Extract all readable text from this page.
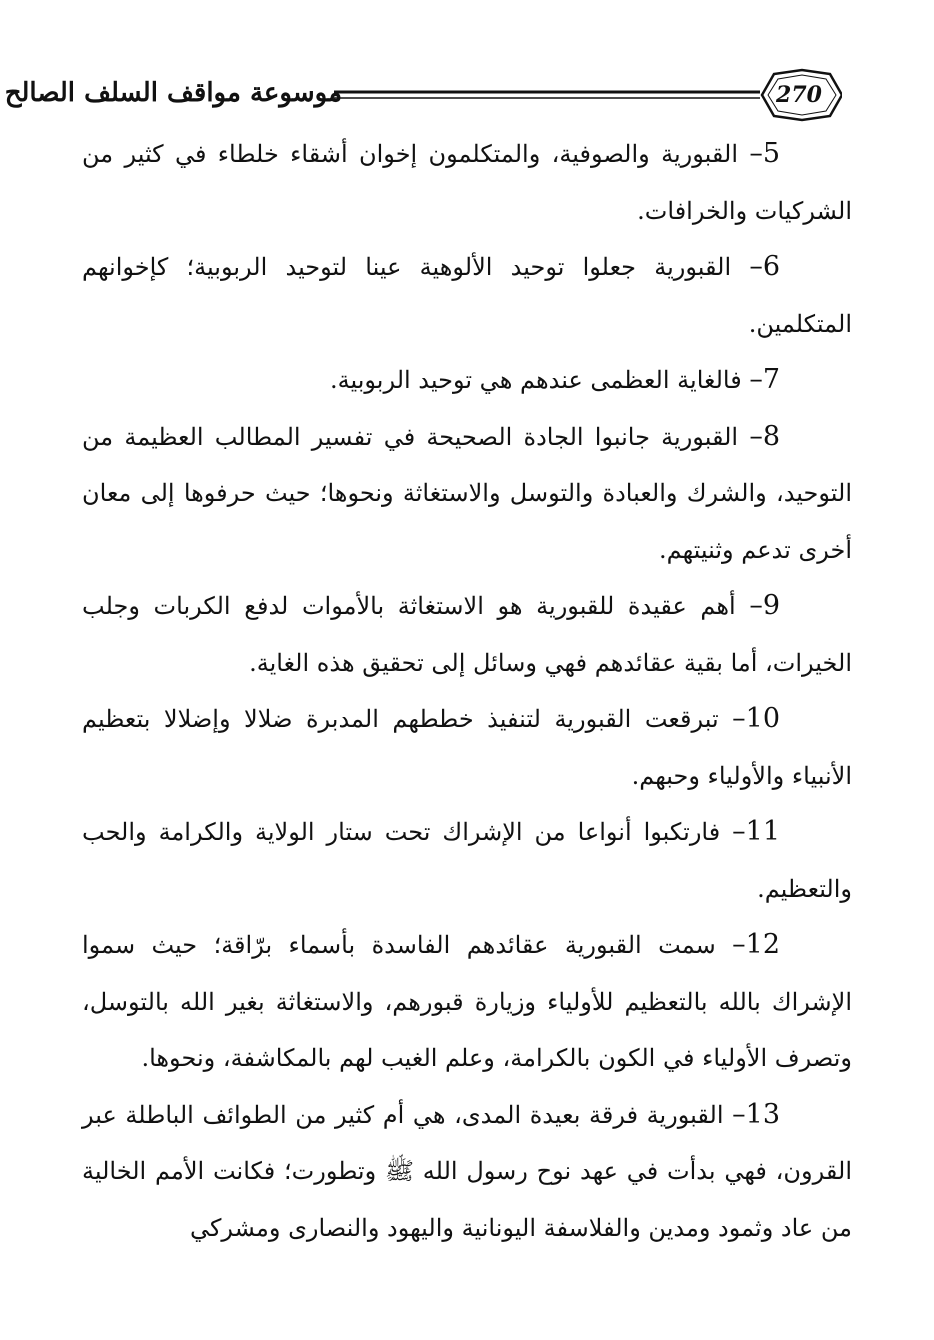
270
موسوعة مواقف السلف الصالح

5– القبورية والصوفية، والمتكلمون إخوان أشقاء خلطاء في كثير من الشركيات والخرافات.

6– القبورية جعلوا توحيد الألوهية عينا لتوحيد الربوبية؛ كإخوانهم المتكلمين.

7– فالغاية العظمى عندهم هي توحيد الربوبية.

8– القبورية جانبوا الجادة الصحيحة في تفسير المطالب العظيمة من التوحيد، والشرك والعبادة والتوسل والاستغاثة ونحوها؛ حيث حرفوها إلى معان أخرى تدعم وثنيتهم.

9– أهم عقيدة للقبورية هو الاستغاثة بالأموات لدفع الكربات وجلب الخيرات، أما بقية عقائدهم فهي وسائل إلى تحقيق هذه الغاية.

10– تبرقعت القبورية لتنفيذ خططهم المدبرة ضلالا وإضلالا بتعظيم الأنبياء والأولياء وحبهم.

11– فارتكبوا أنواعا من الإشراك تحت ستار الولاية والكرامة والحب والتعظيم.

12– سمت القبورية عقائدهم الفاسدة بأسماء برّاقة؛ حيث سموا الإشراك بالله بالتعظيم للأولياء وزيارة قبورهم، والاستغاثة بغير الله بالتوسل، وتصرف الأولياء في الكون بالكرامة، وعلم الغيب لهم بالمكاشفة، ونحوها.

13– القبورية فرقة بعيدة المدى، هي أم كثير من الطوائف الباطلة عبر القرون، فهي بدأت في عهد نوح رسول الله ﷺ وتطورت؛ فكانت الأمم الخالية من عاد وثمود ومدين والفلاسفة اليونانية واليهود والنصارى ومشركي
